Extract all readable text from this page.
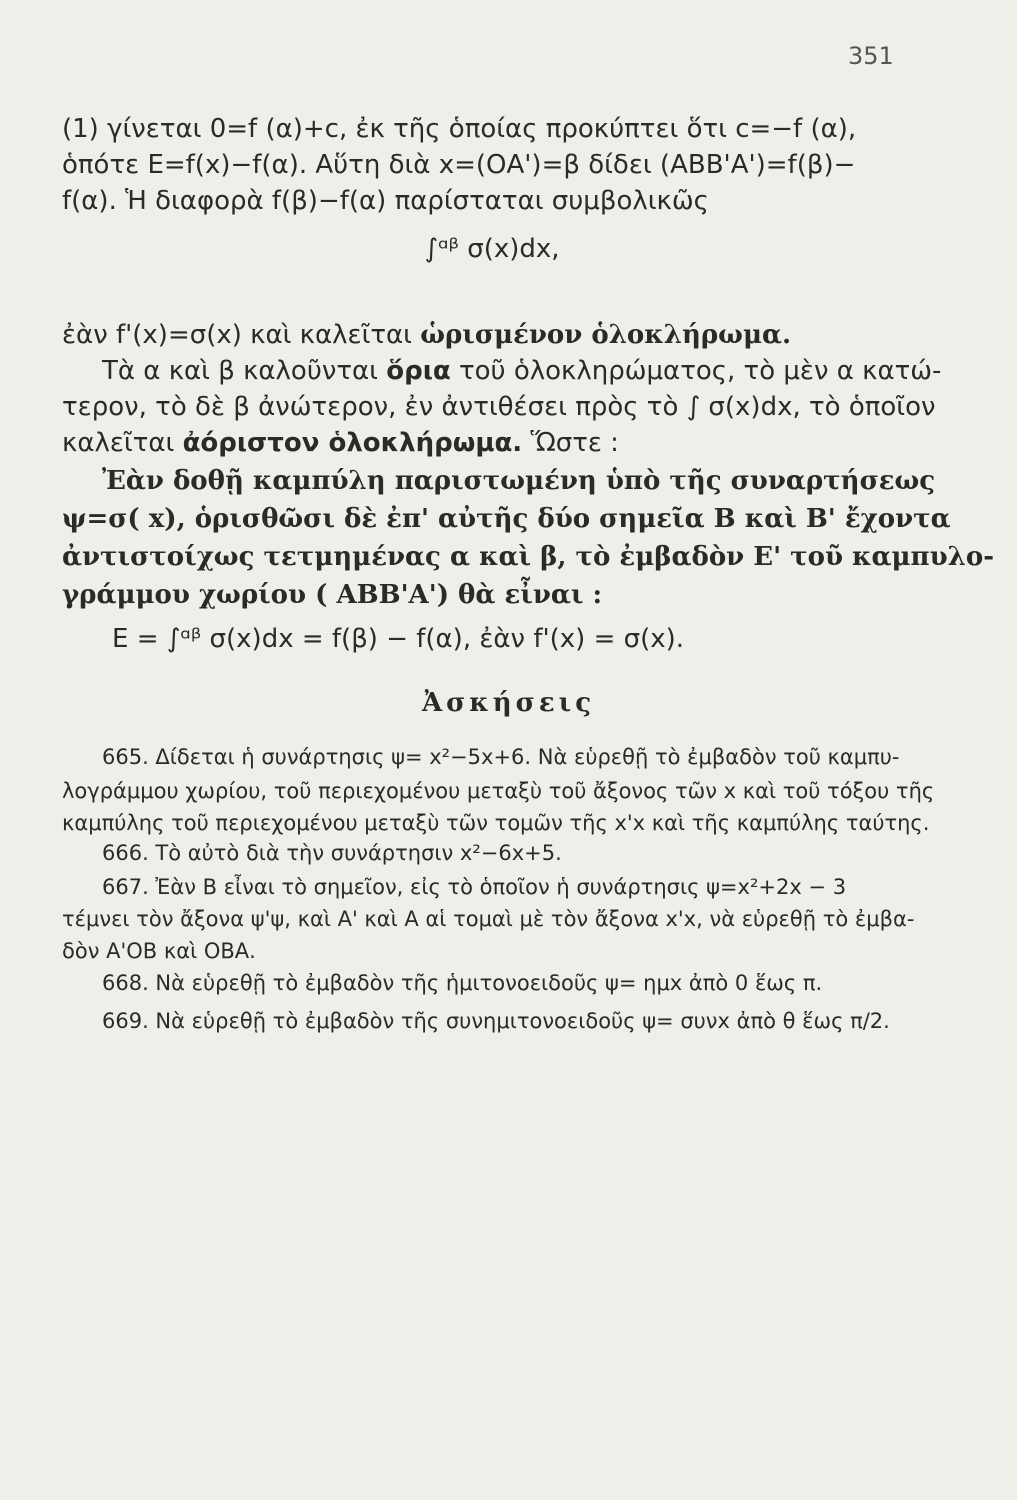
351
(1) γίνεται 0=f (α)+c, ἐκ τῆς ὁποίας προκύπτει ὅτι c=−f (α),
ὁπότε E=f(x)−f(α). Αὕτη διὰ x=(ΟΑ')=β δίδει (ΑΒΒ'Α')=f(β)−
f(α). Ἡ διαφορὰ f(β)−f(α) παρίσταται συμβολικῶς
∫ᵅᵝ σ(x)dx,
ἐὰν f'(x)=σ(x) καὶ καλεῖται ὡρισμένον ὁλοκλήρωμα.
Τὰ α καὶ β καλοῦνται ὅρια τοῦ ὁλοκληρώματος, τὸ μὲν α κατώ-
τερον, τὸ δὲ β ἀνώτερον, ἐν ἀντιθέσει πρὸς τὸ ∫ σ(x)dx, τὸ ὁποῖον
καλεῖται ἀόριστον ὁλοκλήρωμα. Ὥστε :
Ἐὰν δοθῇ καμπύλη παριστωμένη ὑπὸ τῆς συναρτήσεως
ψ=σ( x), ὁρισθῶσι δὲ ἐπ' αὐτῆς δύο σημεῖα Β καὶ Β' ἔχοντα
ἀντιστοίχως τετμημένας α καὶ β, τὸ ἐμβαδὸν Ε' τοῦ καμπυλο-
γράμμου χωρίου ( ΑΒΒ'Α') θὰ εἶναι :
E = ∫ᵅᵝ σ(x)dx = f(β) − f(α), ἐὰν f'(x) = σ(x).
Ἀσκήσεις
665. Δίδεται ἡ συνάρτησις ψ= x²−5x+6. Νὰ εὑρεθῇ τὸ ἐμβαδὸν τοῦ καμπυ-
λογράμμου χωρίου, τοῦ περιεχομένου μεταξὺ τοῦ ἄξονος τῶν x καὶ τοῦ τόξου τῆς
καμπύλης τοῦ περιεχομένου μεταξὺ τῶν τομῶν τῆς x'x καὶ τῆς καμπύλης ταύτης.
666. Τὸ αὐτὸ διὰ τὴν συνάρτησιν x²−6x+5.
667. Ἐὰν Β εἶναι τὸ σημεῖον, εἰς τὸ ὁποῖον ἡ συνάρτησις ψ=x²+2x − 3
τέμνει τὸν ἄξονα ψ'ψ, καὶ Α' καὶ Α αἱ τομαὶ μὲ τὸν ἄξονα x'x, νὰ εὑρεθῇ τὸ ἐμβα-
δὸν Α'ΟΒ καὶ ΟΒΑ.
668. Νὰ εὑρεθῇ τὸ ἐμβαδὸν τῆς ἡμιτονοειδοῦς ψ= ημx ἀπὸ 0 ἕως π.
669. Νὰ εὑρεθῇ τὸ ἐμβαδὸν τῆς συνημιτονοειδοῦς ψ= συνx ἀπὸ θ ἕως π/2.
